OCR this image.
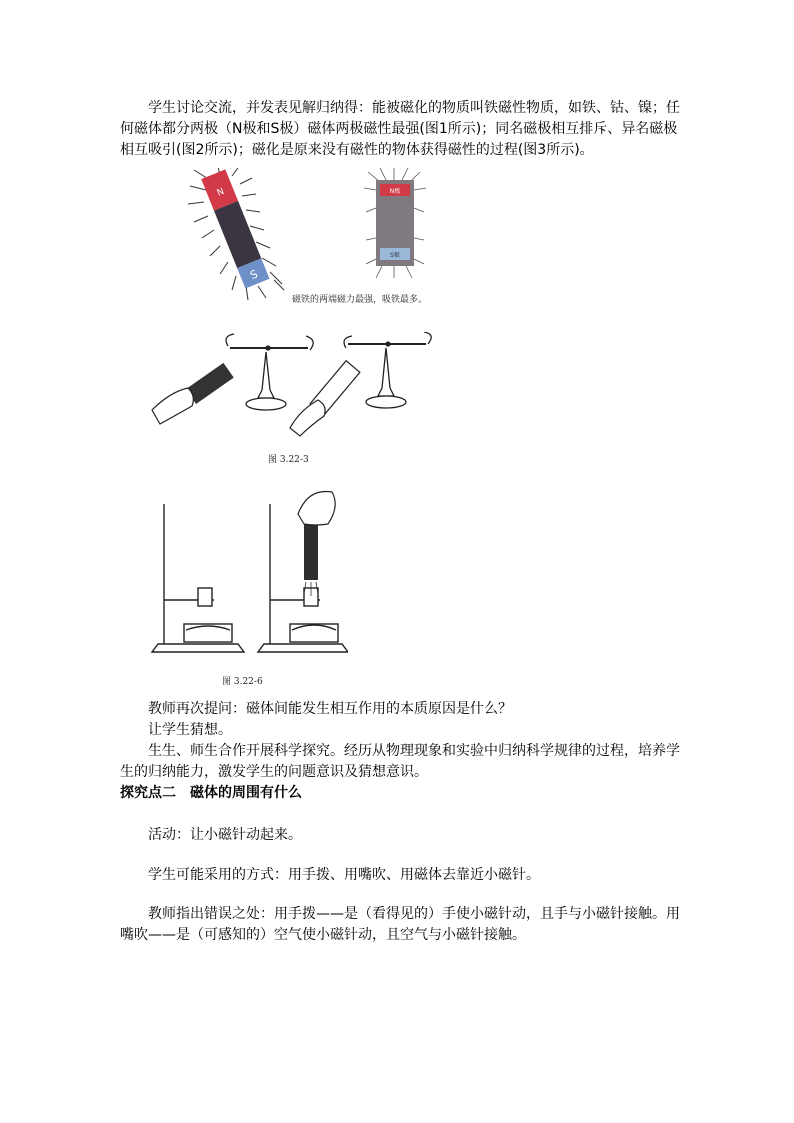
学生讨论交流，并发表见解归纳得：能被磁化的物质叫铁磁性物质，如铁、钴、镍；任何磁体都分两极（N极和S极）磁体两极磁性最强(图1所示)；同名磁极相互排斥、异名磁极相互吸引(图2所示)；磁化是原来没有磁性的物体获得磁性的过程(图3所示)。
N
S
N极
S极
磁铁的两端磁力最强，吸铁最多。
图 3.22-3
图 3.22-6
教师再次提问：磁体间能发生相互作用的本质原因是什么？
让学生猜想。
生生、师生合作开展科学探究。经历从物理现象和实验中归纳科学规律的过程，培养学生的归纳能力，激发学生的问题意识及猜想意识。
探究点二　磁体的周围有什么
活动：让小磁针动起来。
学生可能采用的方式：用手拨、用嘴吹、用磁体去靠近小磁针。
教师指出错误之处：用手拨——是（看得见的）手使小磁针动，且手与小磁针接触。用嘴吹——是（可感知的）空气使小磁针动，且空气与小磁针接触。
